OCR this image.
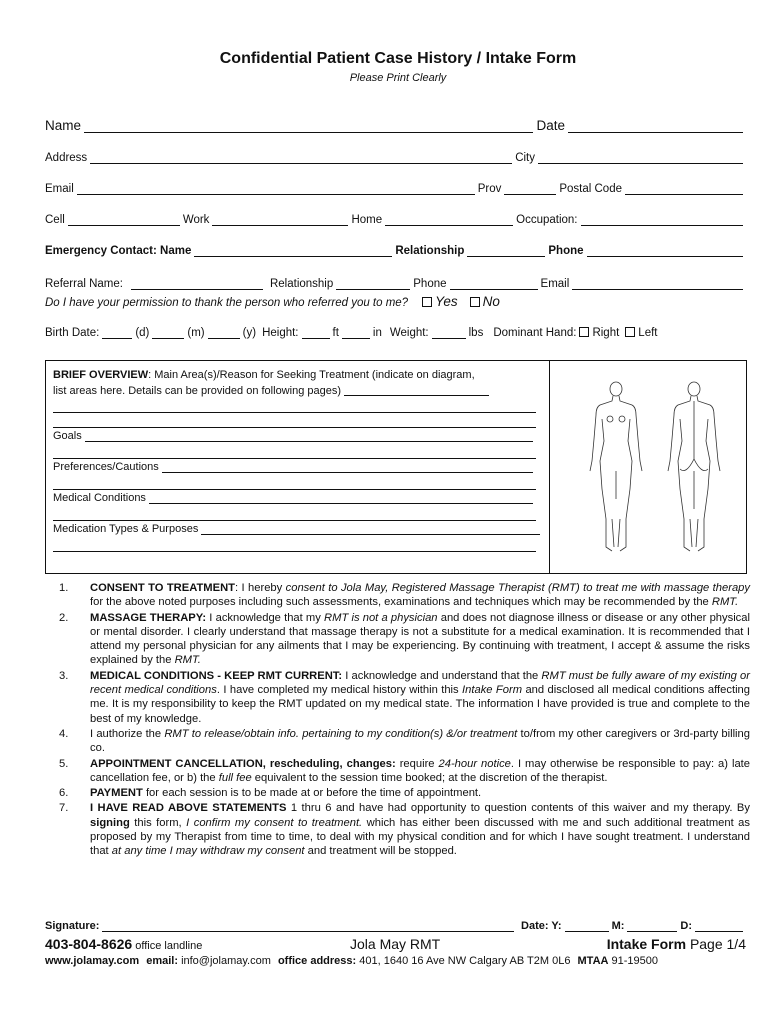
Confidential Patient Case History / Intake Form
Please Print Clearly
Name	Date
Address	City
Email	Prov	Postal Code
Cell	Work	Home	Occupation:
Emergency Contact: Name	Relationship	Phone
Referral Name:	Relationship	Phone	Email
Do I have your permission to thank the person who referred you to me?	Yes	No
Birth Date:	(d)	(m)	(y) Height:	ft	in Weight:	lbs Dominant Hand:	Right	Left
BRIEF OVERVIEW: Main Area(s)/Reason for Seeking Treatment (indicate on diagram,
list areas here. Details can be provided on following pages)
Goals
Preferences/Cautions
Medical Conditions
Medication Types & Purposes
1.	CONSENT TO TREATMENT: I hereby consent to Jola May, Registered Massage Therapist (RMT) to treat me with massage therapy for the above noted purposes including such assessments, examinations and techniques which may be recommended by the RMT.
2.	MASSAGE THERAPY: I acknowledge that my RMT is not a physician and does not diagnose illness or disease or any other physical or mental disorder. I clearly understand that massage therapy is not a substitute for a medical examination. It is recommended that I attend my personal physician for any ailments that I may be experiencing. By continuing with treatment, I accept & assume the risks explained by the RMT.
3.	MEDICAL CONDITIONS - KEEP RMT CURRENT: I acknowledge and understand that the RMT must be fully aware of my existing or recent medical conditions. I have completed my medical history within this Intake Form and disclosed all medical conditions affecting me. It is my responsibility to keep the RMT updated on my medical state. The information I have provided is true and complete to the best of my knowledge.
4.	I authorize the RMT to release/obtain info. pertaining to my condition(s) &/or treatment to/from my other caregivers or 3rd-party billing co.
5.	APPOINTMENT CANCELLATION, rescheduling, changes: require 24-hour notice. I may otherwise be responsible to pay: a) late cancellation fee, or b) the full fee equivalent to the session time booked; at the discretion of the therapist.
6.	PAYMENT for each session is to be made at or before the time of appointment.
7.	I HAVE READ ABOVE STATEMENTS 1 thru 6 and have had opportunity to question contents of this waiver and my therapy. By signing this form, I confirm my consent to treatment. which has either been discussed with me and such additional treatment as proposed by my Therapist from time to time, to deal with my physical condition and for which I have sought treatment. I understand that at any time I may withdraw my consent and treatment will be stopped.
Signature:	Date: Y:	M:	D:
403-804-8626 office landline	Jola May RMT	Intake Form Page 1/4
www.jolamay.com email: info@jolamay.com office address: 401, 1640 16 Ave NW Calgary AB T2M 0L6 MTAA 91-19500
